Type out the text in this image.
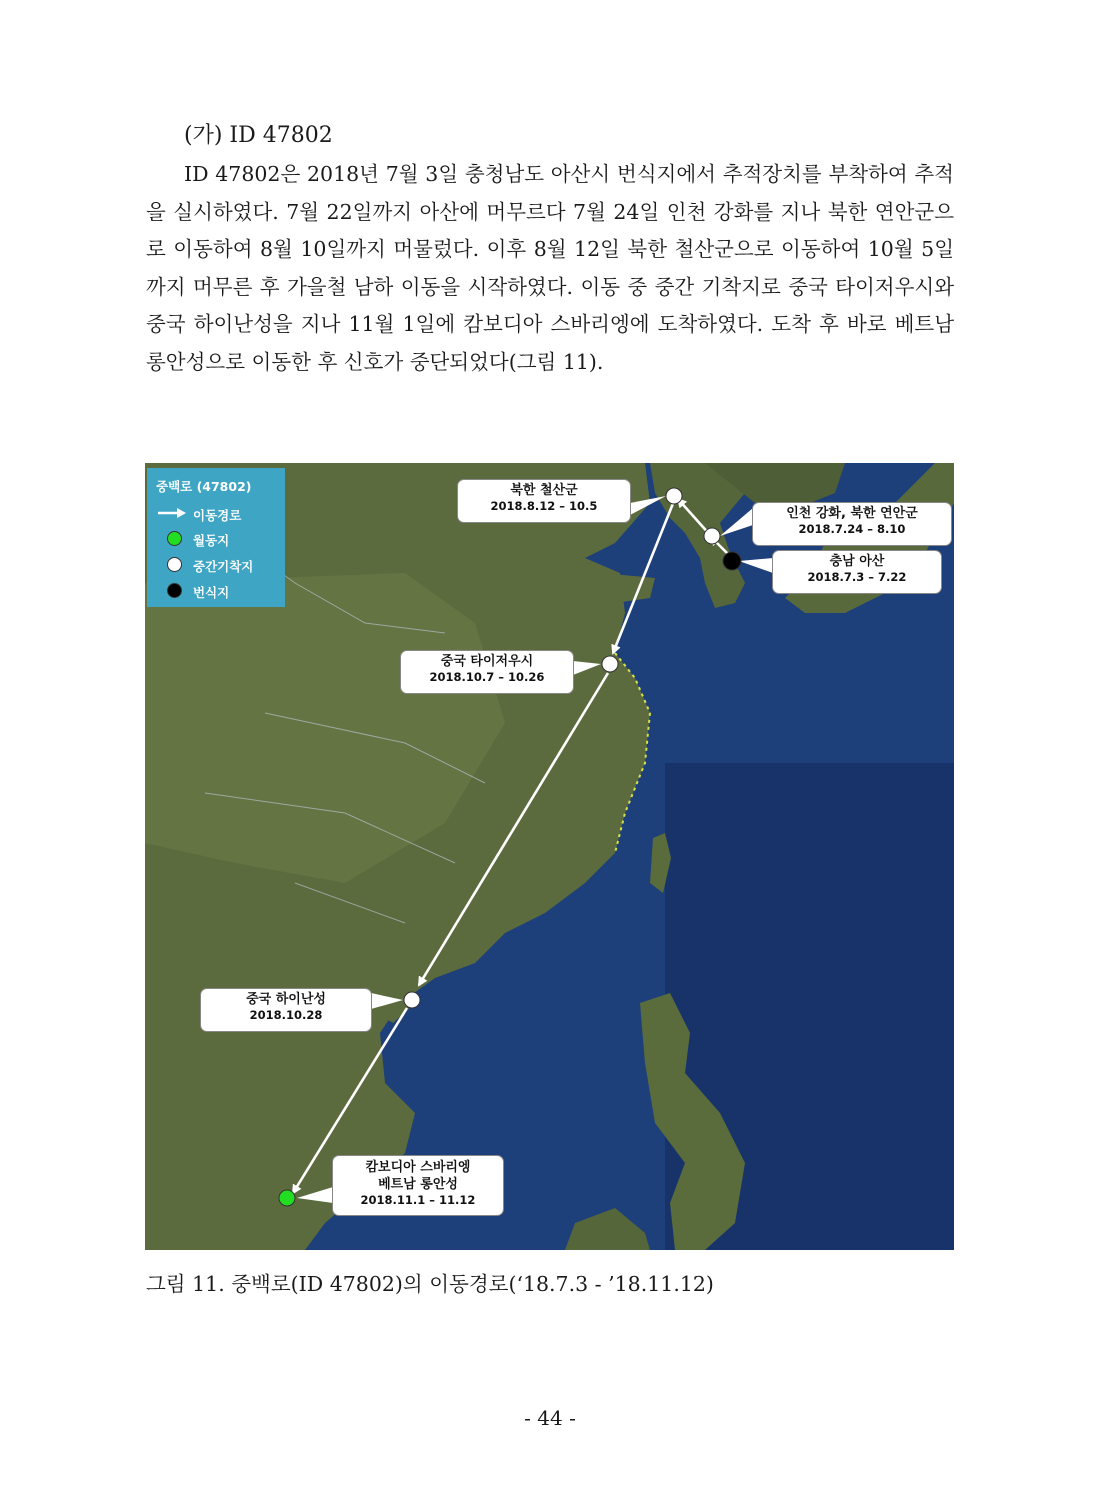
(가) ID 47802

ID 47802은 2018년 7월 3일 충청남도 아산시 번식지에서 추적장치를 부착하여 추적을 실시하였다. 7월 22일까지 아산에 머무르다 7월 24일 인천 강화를 지나 북한 연안군으로 이동하여 8월 10일까지 머물렀다. 이후 8월 12일 북한 철산군으로 이동하여 10월 5일까지 머무른 후 가을철 남하 이동을 시작하였다. 이동 중 중간 기착지로 중국 타이저우시와 중국 하이난성을 지나 11월 1일에 캄보디아 스바리엥에 도착하였다. 도착 후 바로 베트남 롱안성으로 이동한 후 신호가 중단되었다(그림 11).

중백로 (47802)
이동경로
월동지
중간기착지
번식지
북한 철산군
2018.8.12 – 10.5	인천 강화, 북한 연안군
2018.7.24 – 8.10
충남 아산
2018.7.3 – 7.22
중국 타이저우시
2018.10.7 – 10.26
중국 하이난성
2018.10.28
캄보디아 스바리엥
베트남 롱안성
2018.11.1 – 11.12

그림 11. 중백로(ID 47802)의 이동경로(‘18.7.3 - ’18.11.12)

- 44 -
